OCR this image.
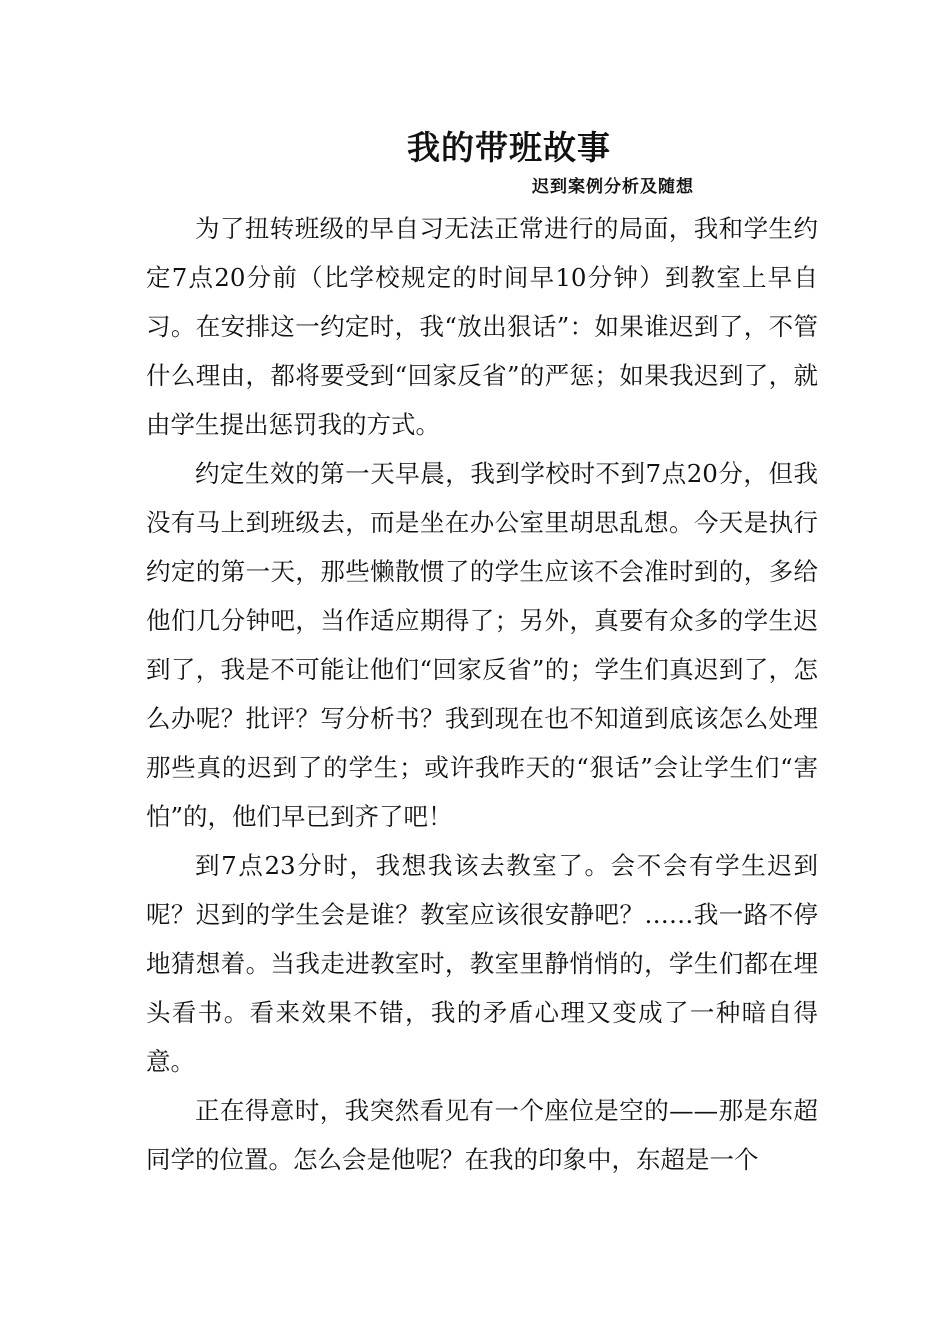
我的带班故事
迟到案例分析及随想

为了扭转班级的早自习无法正常进行的局面，我和学生约定7点20分前（比学校规定的时间早10分钟）到教室上早自习。在安排这一约定时，我“放出狠话”：如果谁迟到了，不管什么理由，都将要受到“回家反省”的严惩；如果我迟到了，就由学生提出惩罚我的方式。

约定生效的第一天早晨，我到学校时不到7点20分，但我没有马上到班级去，而是坐在办公室里胡思乱想。今天是执行约定的第一天，那些懒散惯了的学生应该不会准时到的，多给他们几分钟吧，当作适应期得了；另外，真要有众多的学生迟到了，我是不可能让他们“回家反省”的；学生们真迟到了，怎么办呢？批评？写分析书？我到现在也不知道到底该怎么处理那些真的迟到了的学生；或许我昨天的“狠话”会让学生们“害怕”的，他们早已到齐了吧！

到7点23分时，我想我该去教室了。会不会有学生迟到呢？迟到的学生会是谁？教室应该很安静吧？……我一路不停地猜想着。当我走进教室时，教室里静悄悄的，学生们都在埋头看书。看来效果不错，我的矛盾心理又变成了一种暗自得意。

正在得意时，我突然看见有一个座位是空的——那是东超同学的位置。怎么会是他呢？在我的印象中，东超是一个
